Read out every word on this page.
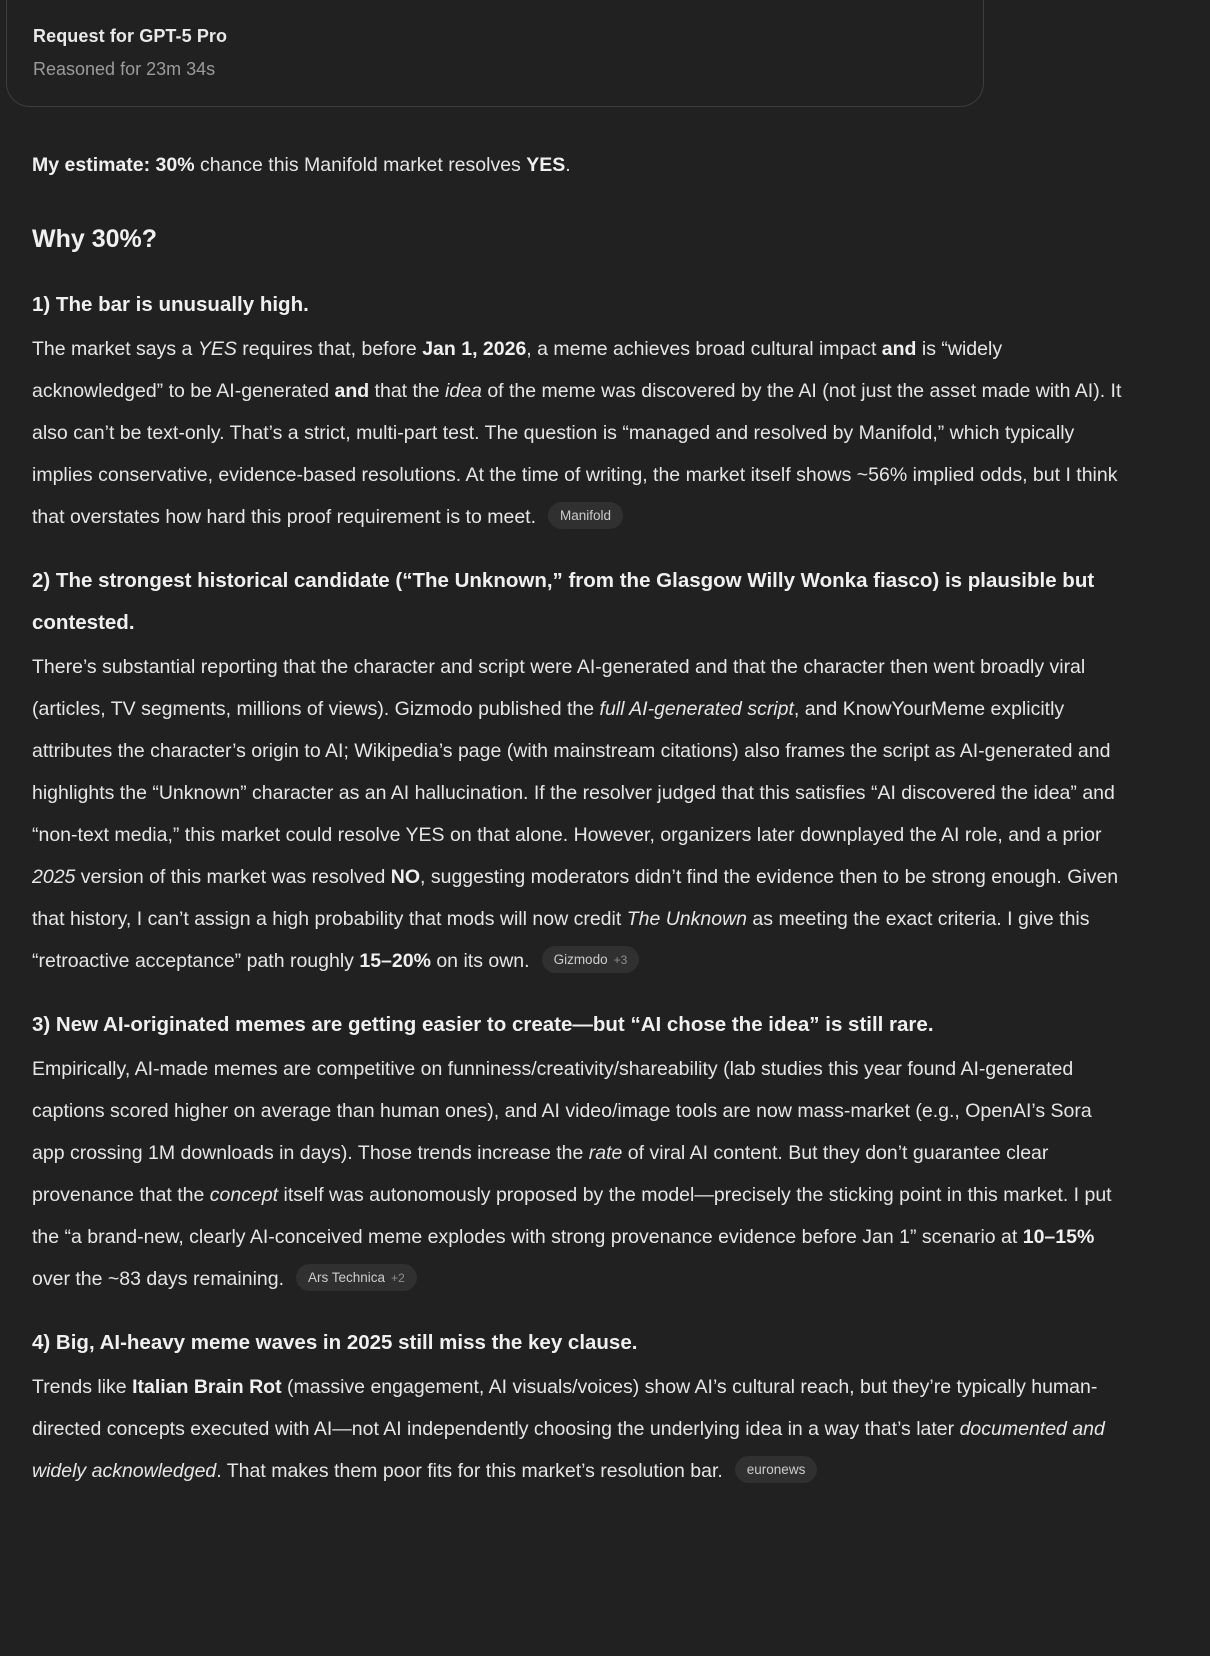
Request for GPT-5 Pro
Reasoned for 23m 34s

My estimate: 30% chance this Manifold market resolves YES.

Why 30%?
1) The bar is unusually high.

The market says a YES requires that, before Jan 1, 2026, a meme achieves broad cultural impact and is “widely acknowledged” to be AI-generated and that the idea of the meme was discovered by the AI (not just the asset made with AI). It also can’t be text-only. That’s a strict, multi-part test. The question is “managed and resolved by Manifold,” which typically implies conservative, evidence-based resolutions. At the time of writing, the market itself shows ~56% implied odds, but I think that overstates how hard this proof requirement is to meet. Manifold

2) The strongest historical candidate (“The Unknown,” from the Glasgow Willy Wonka fiasco) is plausible but contested.

There’s substantial reporting that the character and script were AI-generated and that the character then went broadly viral (articles, TV segments, millions of views). Gizmodo published the full AI-generated script, and KnowYourMeme explicitly attributes the character’s origin to AI; Wikipedia’s page (with mainstream citations) also frames the script as AI-generated and highlights the “Unknown” character as an AI hallucination. If the resolver judged that this satisfies “AI discovered the idea” and “non-text media,” this market could resolve YES on that alone. However, organizers later downplayed the AI role, and a prior 2025 version of this market was resolved NO, suggesting moderators didn’t find the evidence then to be strong enough. Given that history, I can’t assign a high probability that mods will now credit The Unknown as meeting the exact criteria. I give this “retroactive acceptance” path roughly 15–20% on its own. Gizmodo +3

3) New AI-originated memes are getting easier to create—but “AI chose the idea” is still rare.

Empirically, AI-made memes are competitive on funniness/creativity/shareability (lab studies this year found AI-generated captions scored higher on average than human ones), and AI video/image tools are now mass-market (e.g., OpenAI’s Sora app crossing 1M downloads in days). Those trends increase the rate of viral AI content. But they don’t guarantee clear provenance that the concept itself was autonomously proposed by the model—precisely the sticking point in this market. I put the “a brand-new, clearly AI-conceived meme explodes with strong provenance evidence before Jan 1” scenario at 10–15% over the ~83 days remaining. Ars Technica +2

4) Big, AI-heavy meme waves in 2025 still miss the key clause.

Trends like Italian Brain Rot (massive engagement, AI visuals/voices) show AI’s cultural reach, but they’re typically human-directed concepts executed with AI—not AI independently choosing the underlying idea in a way that’s later documented and widely acknowledged. That makes them poor fits for this market’s resolution bar. euronews
